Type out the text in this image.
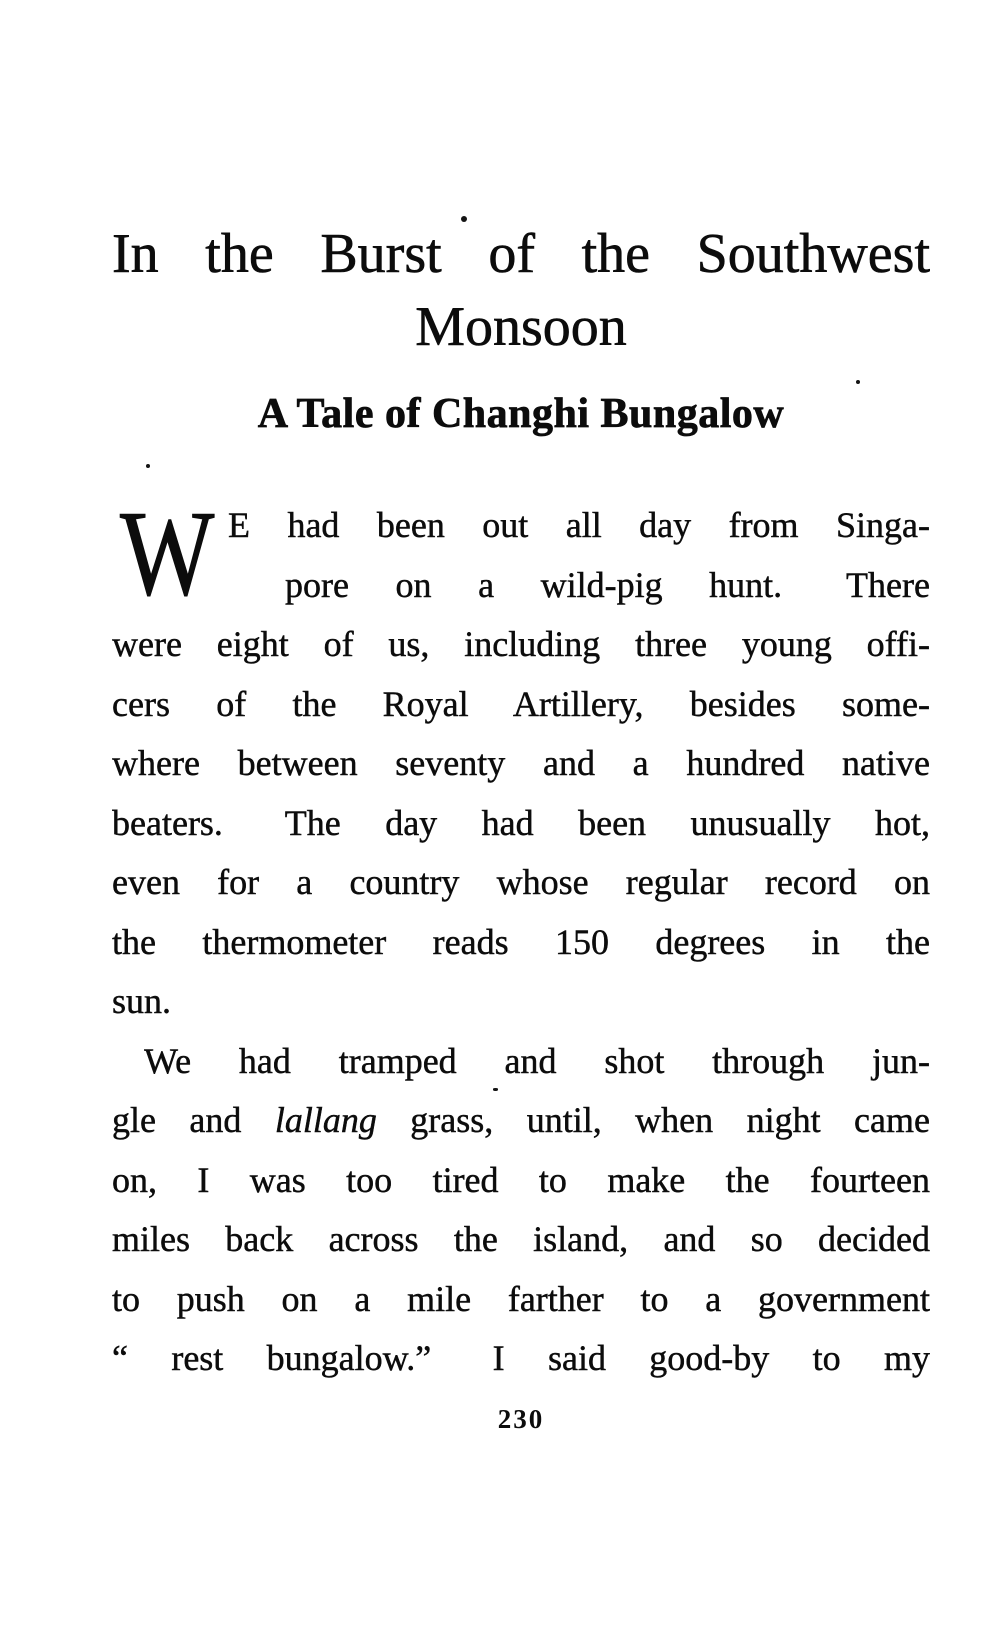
In the Burst of the Southwest
Monsoon
A Tale of Changhi Bungalow
W E had been out all day from Singa-
pore on a wild-pig hunt.  There
were eight of us, including three young offi-
cers of the Royal Artillery, besides some-
where between seventy and a hundred native
beaters.  The day had been unusually hot,
even for a country whose regular record on
the thermometer reads 150 degrees in the
sun.
We had tramped and shot through jun-
gle and lallang grass, until, when night came
on, I was too tired to make the fourteen
miles back across the island, and so decided
to push on a mile farther to a government
“ rest bungalow.”  I said good-by to my
230
